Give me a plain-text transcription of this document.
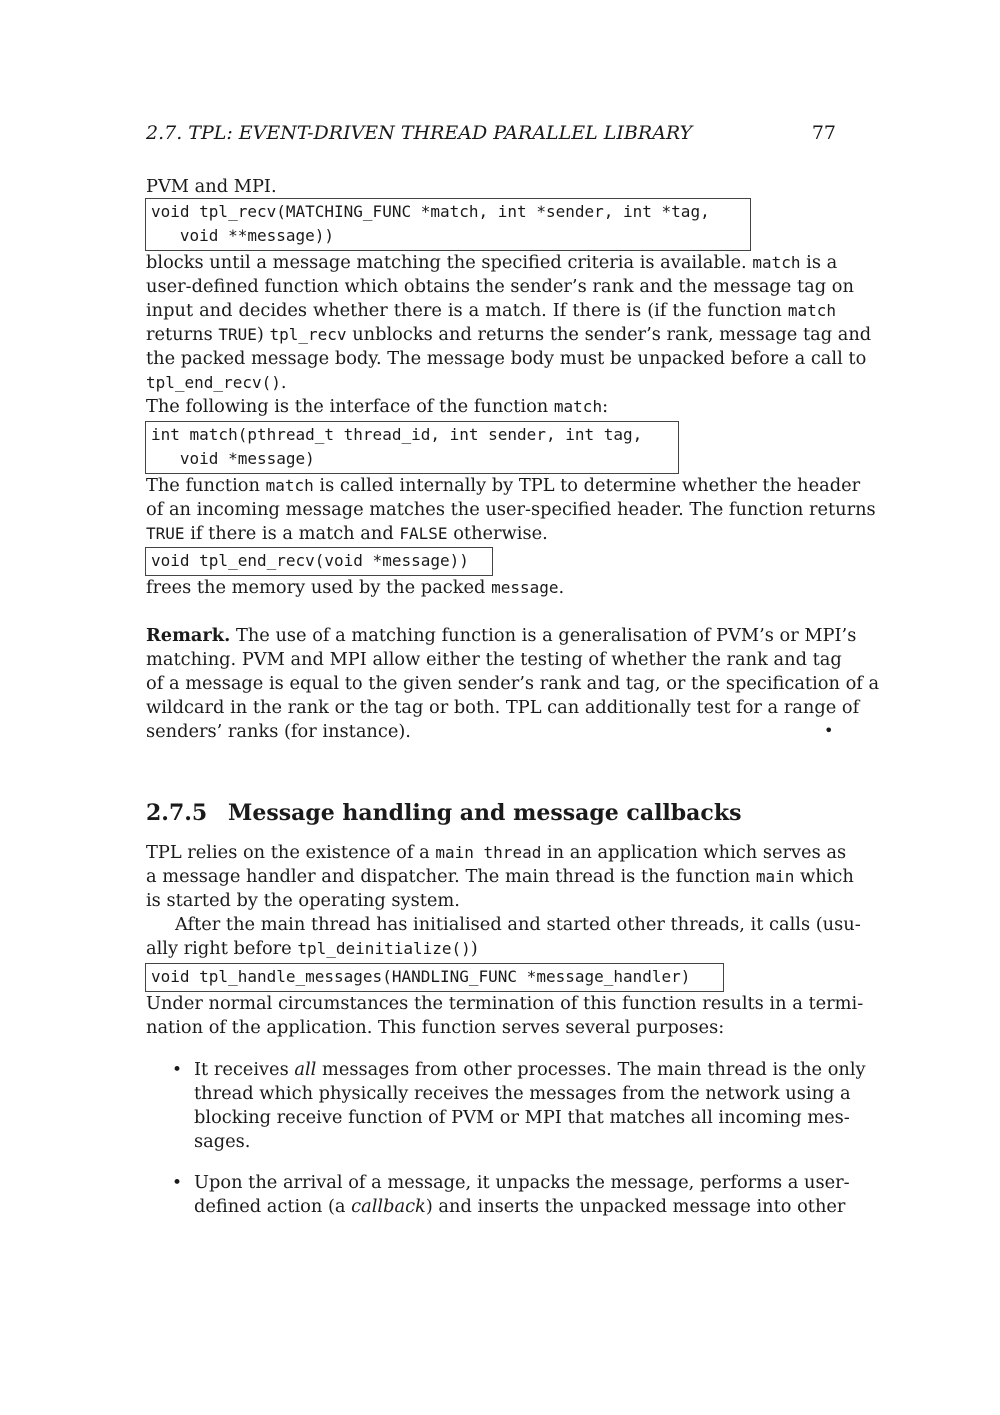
2.7. TPL: EVENT-DRIVEN THREAD PARALLEL LIBRARY	77
PVM and MPI.
void tpl_recv(MATCHING_FUNC *match, int *sender, int *tag,
void **message))
blocks until a message matching the specified criteria is available. match is a
user-defined function which obtains the sender’s rank and the message tag on
input and decides whether there is a match. If there is (if the function match
returns TRUE) tpl_recv unblocks and returns the sender’s rank, message tag and
the packed message body. The message body must be unpacked before a call to
tpl_end_recv().
The following is the interface of the function match:
int match(pthread_t thread_id, int sender, int tag,
void *message)
The function match is called internally by TPL to determine whether the header
of an incoming message matches the user-specified header. The function returns
TRUE if there is a match and FALSE otherwise.
void tpl_end_recv(void *message))
frees the memory used by the packed message.
Remark. The use of a matching function is a generalisation of PVM’s or MPI’s
matching. PVM and MPI allow either the testing of whether the rank and tag
of a message is equal to the given sender’s rank and tag, or the specification of a
wildcard in the rank or the tag or both. TPL can additionally test for a range of
senders’ ranks (for instance).	•
2.7.5 Message handling and message callbacks
TPL relies on the existence of a main thread in an application which serves as
a message handler and dispatcher. The main thread is the function main which
is started by the operating system.
After the main thread has initialised and started other threads, it calls (usu-
ally right before tpl_deinitialize())
void tpl_handle_messages(HANDLING_FUNC *message_handler)
Under normal circumstances the termination of this function results in a termi-
nation of the application. This function serves several purposes:
• It receives all messages from other processes. The main thread is the only
thread which physically receives the messages from the network using a
blocking receive function of PVM or MPI that matches all incoming mes-
sages.
• Upon the arrival of a message, it unpacks the message, performs a user-
defined action (a callback) and inserts the unpacked message into other
